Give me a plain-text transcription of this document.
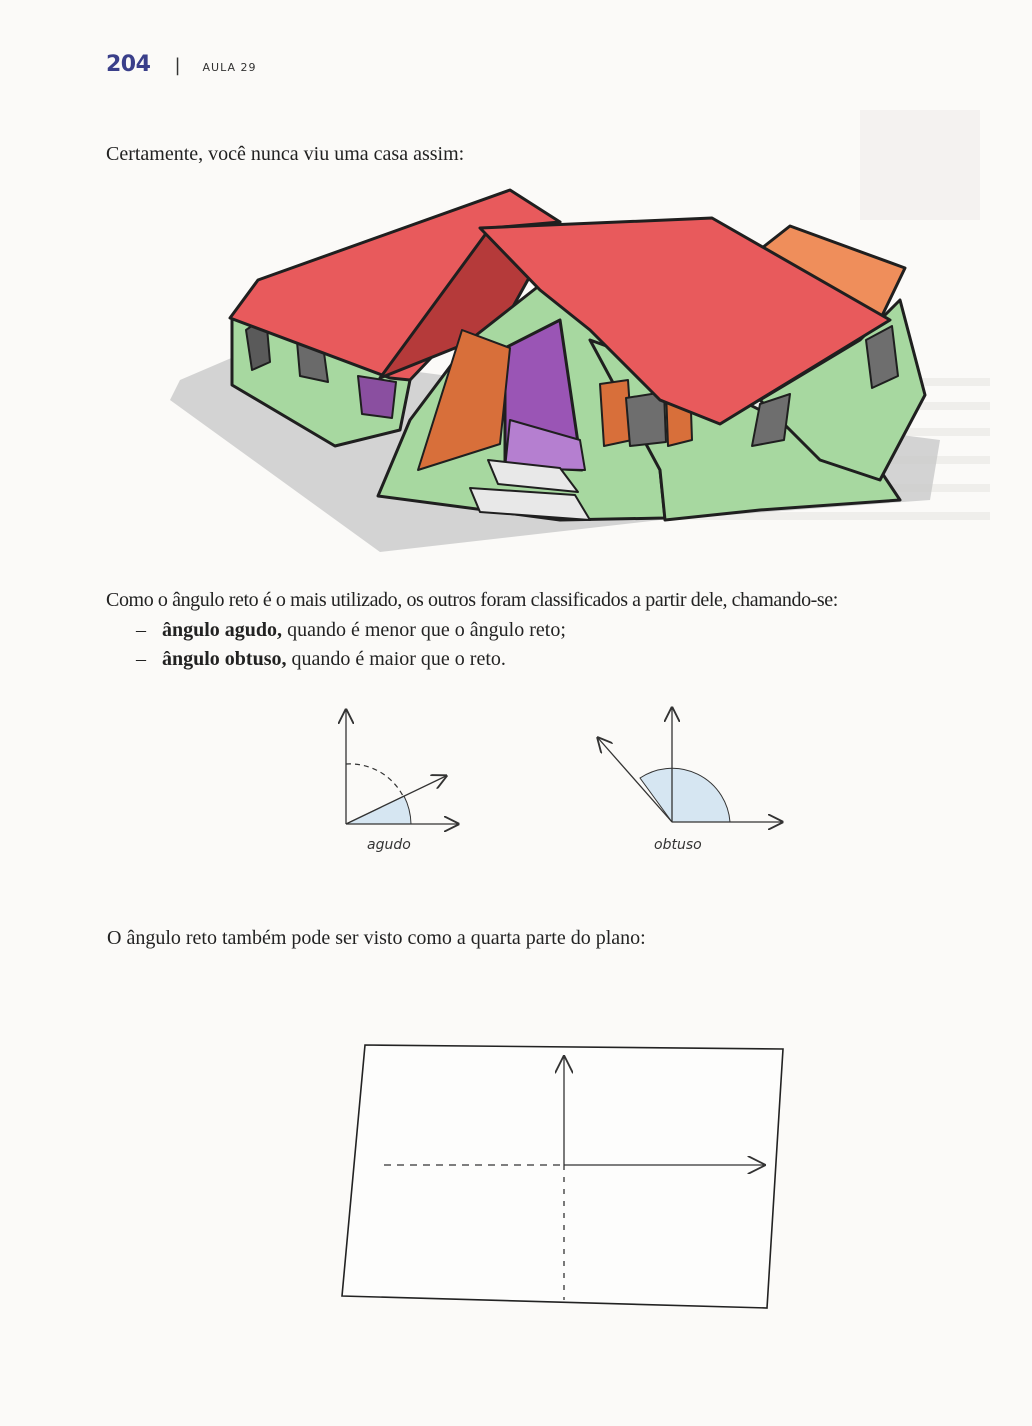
204 | AULA 29
Certamente, você nunca viu uma casa assim:
Como o ângulo reto é o mais utilizado, os outros foram classificados a partir dele, chamando-se:
– ângulo agudo, quando é menor que o ângulo reto;
– ângulo obtuso, quando é maior que o reto.
agudo	obtuso
O ângulo reto também pode ser visto como a quarta parte do plano:
